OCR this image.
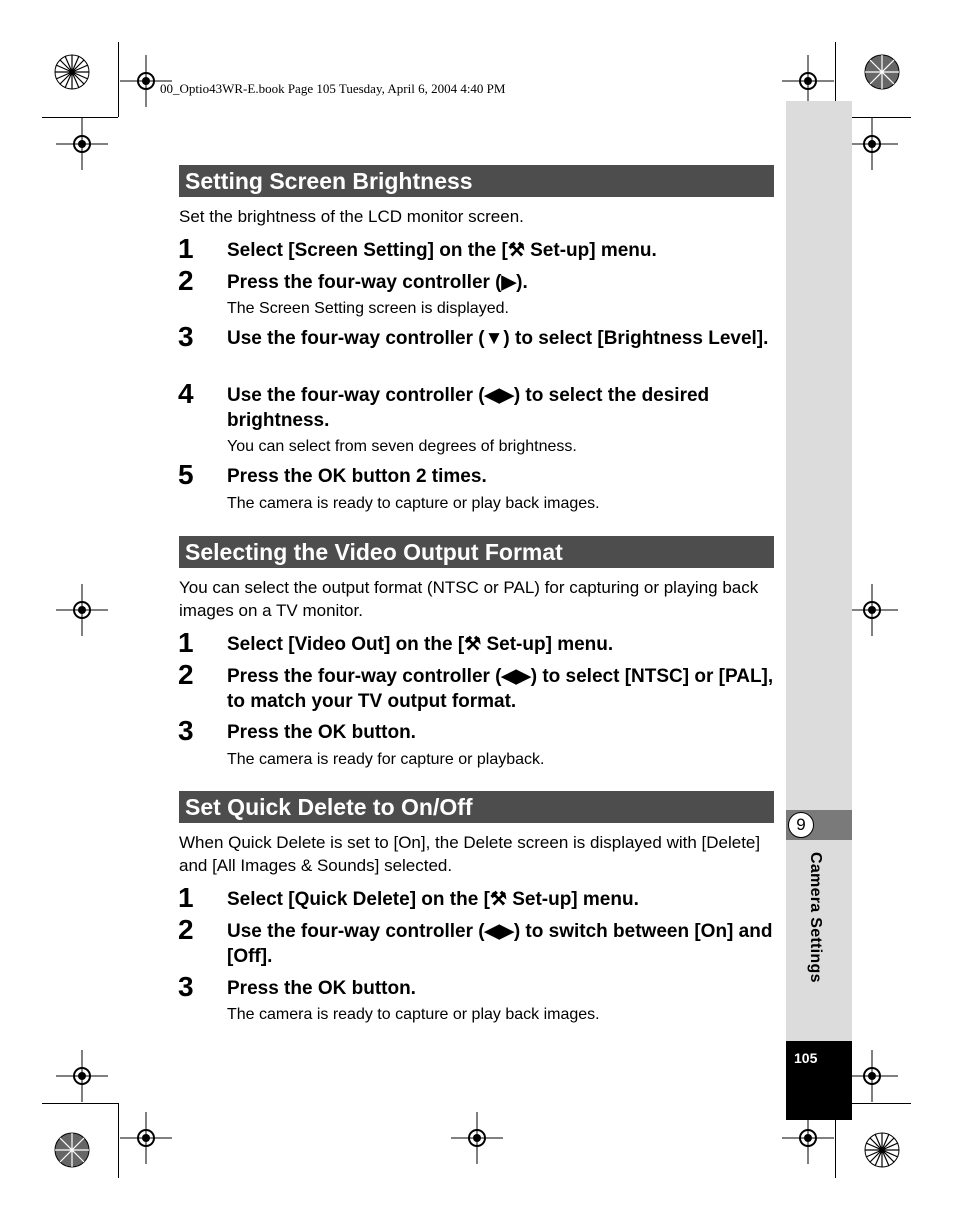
00_Optio43WR-E.book Page 105 Tuesday, April 6, 2004 4:40 PM
9
Camera Settings
105
Setting Screen Brightness
Set the brightness of the LCD monitor screen.
1 Select [Screen Setting] on the [⚒ Set-up] menu.
2 Press the four-way controller (▶).
The Screen Setting screen is displayed.
3 Use the four-way controller (▼) to select [Brightness Level].
4 Use the four-way controller (◀▶) to select the desired brightness.
You can select from seven degrees of brightness.
5 Press the OK button 2 times.
The camera is ready to capture or play back images.
Selecting the Video Output Format
You can select the output format (NTSC or PAL) for capturing or playing back images on a TV monitor.
1 Select [Video Out] on the [⚒ Set-up] menu.
2 Press the four-way controller (◀▶) to select [NTSC] or [PAL], to match your TV output format.
3 Press the OK button.
The camera is ready for capture or playback.
Set Quick Delete to On/Off
When Quick Delete is set to [On], the Delete screen is displayed with [Delete] and [All Images & Sounds] selected.
1 Select [Quick Delete] on the [⚒ Set-up] menu.
2 Use the four-way controller (◀▶) to switch between [On] and [Off].
3 Press the OK button.
The camera is ready to capture or play back images.
